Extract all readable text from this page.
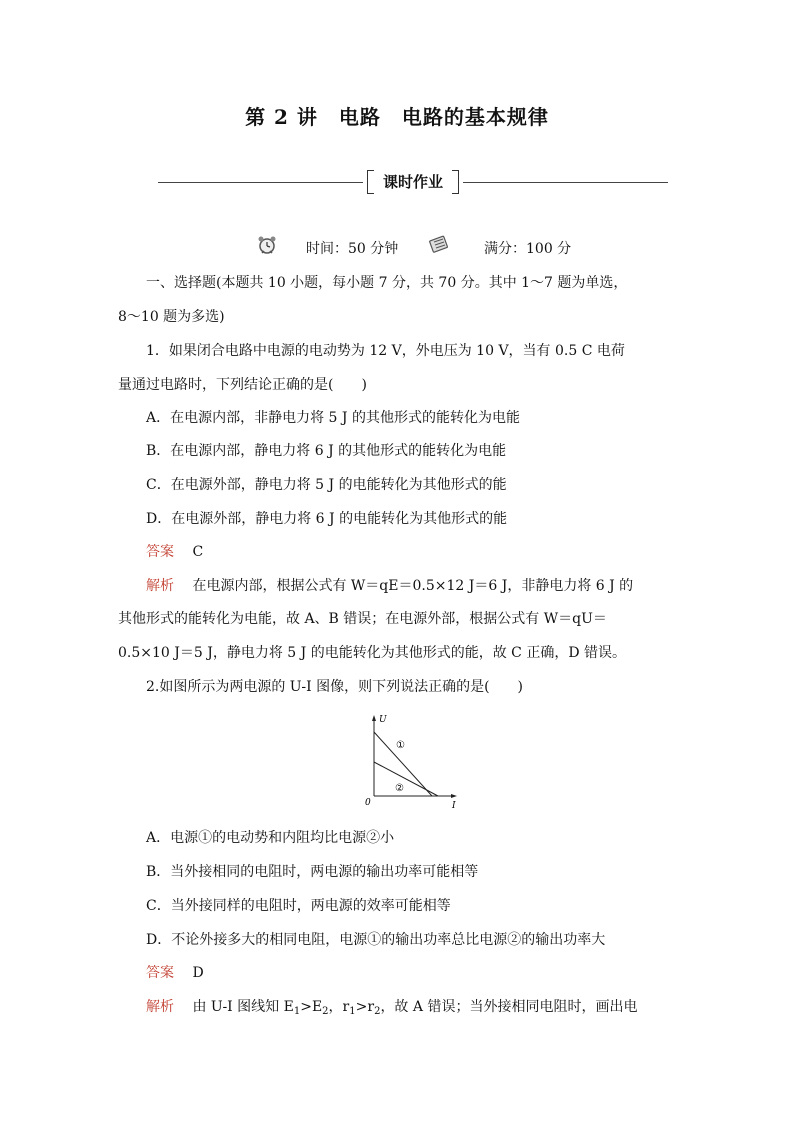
第 2 讲　电路　电路的基本规律
课时作业
时间：50 分钟	满分：100 分
一、选择题(本题共 10 小题，每小题 7 分，共 70 分。其中 1～7 题为单选，
8～10 题为多选)
1．如果闭合电路中电源的电动势为 12 V，外电压为 10 V，当有 0.5 C 电荷
量通过电路时，下列结论正确的是(　　)
A．在电源内部，非静电力将 5 J 的其他形式的能转化为电能
B．在电源内部，静电力将 6 J 的其他形式的能转化为电能
C．在电源外部，静电力将 5 J 的电能转化为其他形式的能
D．在电源外部，静电力将 6 J 的电能转化为其他形式的能
答案 C
解析 在电源内部，根据公式有 W＝qE＝0.5×12 J＝6 J，非静电力将 6 J 的
其他形式的能转化为电能，故 A、B 错误；在电源外部，根据公式有 W＝qU＝
0.5×10 J＝5 J，静电力将 5 J 的电能转化为其他形式的能，故 C 正确，D 错误。
2.如图所示为两电源的 U-I 图像，则下列说法正确的是(　　)
U
I
0
①
②
A．电源①的电动势和内阻均比电源②小
B．当外接相同的电阻时，两电源的输出功率可能相等
C．当外接同样的电阻时，两电源的效率可能相等
D．不论外接多大的相同电阻，电源①的输出功率总比电源②的输出功率大
答案 D
解析 由 U-I 图线知 $E_1>E_2$，$r_1>r_2$，故 A 错误；当外接相同电阻时，画出电
